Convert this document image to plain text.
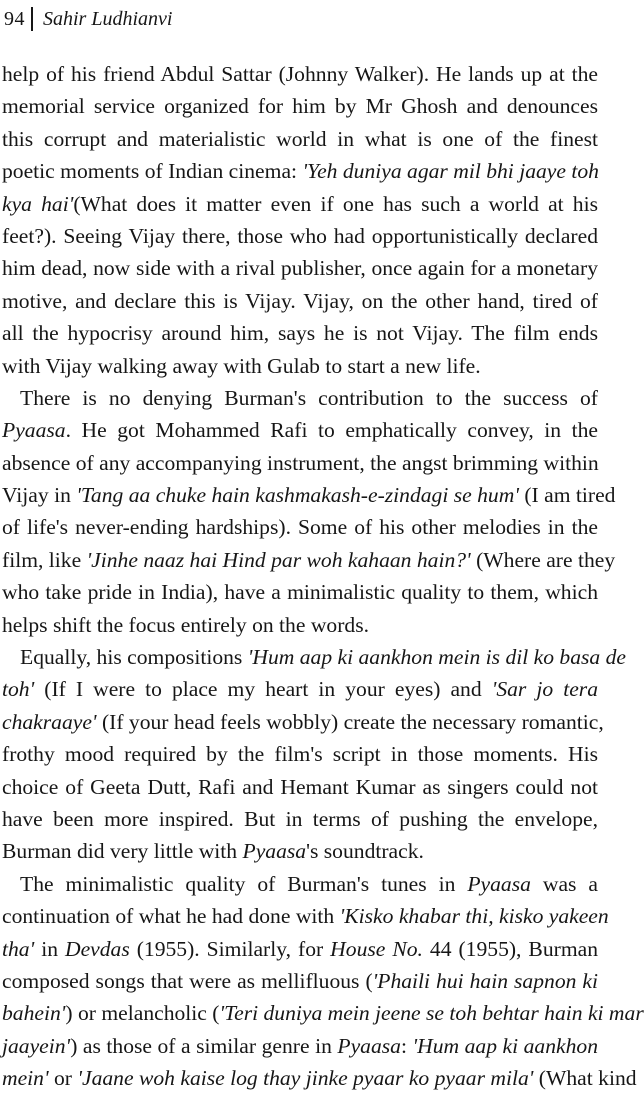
94 Sahir Ludhianvi
help of his friend Abdul Sattar (Johnny Walker). He lands up at the
memorial service organized for him by Mr Ghosh and denounces
this corrupt and materialistic world in what is one of the finest
poetic moments of Indian cinema: 'Yeh duniya agar mil bhi jaaye toh
kya hai'(What does it matter even if one has such a world at his
feet?). Seeing Vijay there, those who had opportunistically declared
him dead, now side with a rival publisher, once again for a monetary
motive, and declare this is Vijay. Vijay, on the other hand, tired of
all the hypocrisy around him, says he is not Vijay. The film ends
with Vijay walking away with Gulab to start a new life.
There is no denying Burman's contribution to the success of
Pyaasa. He got Mohammed Rafi to emphatically convey, in the
absence of any accompanying instrument, the angst brimming within
Vijay in 'Tang aa chuke hain kashmakash-e-zindagi se hum' (I am tired
of life's never-ending hardships). Some of his other melodies in the
film, like 'Jinhe naaz hai Hind par woh kahaan hain?' (Where are they
who take pride in India), have a minimalistic quality to them, which
helps shift the focus entirely on the words.
Equally, his compositions 'Hum aap ki aankhon mein is dil ko basa de
toh' (If I were to place my heart in your eyes) and 'Sar jo tera
chakraaye' (If your head feels wobbly) create the necessary romantic,
frothy mood required by the film's script in those moments. His
choice of Geeta Dutt, Rafi and Hemant Kumar as singers could not
have been more inspired. But in terms of pushing the envelope,
Burman did very little with Pyaasa's soundtrack.
The minimalistic quality of Burman's tunes in Pyaasa was a
continuation of what he had done with 'Kisko khabar thi, kisko yakeen
tha' in Devdas (1955). Similarly, for House No. 44 (1955), Burman
composed songs that were as mellifluous ('Phaili hui hain sapnon ki
bahein') or melancholic ('Teri duniya mein jeene se toh behtar hain ki mar
jaayein') as those of a similar genre in Pyaasa: 'Hum aap ki aankhon
mein' or 'Jaane woh kaise log thay jinke pyaar ko pyaar mila' (What kind
